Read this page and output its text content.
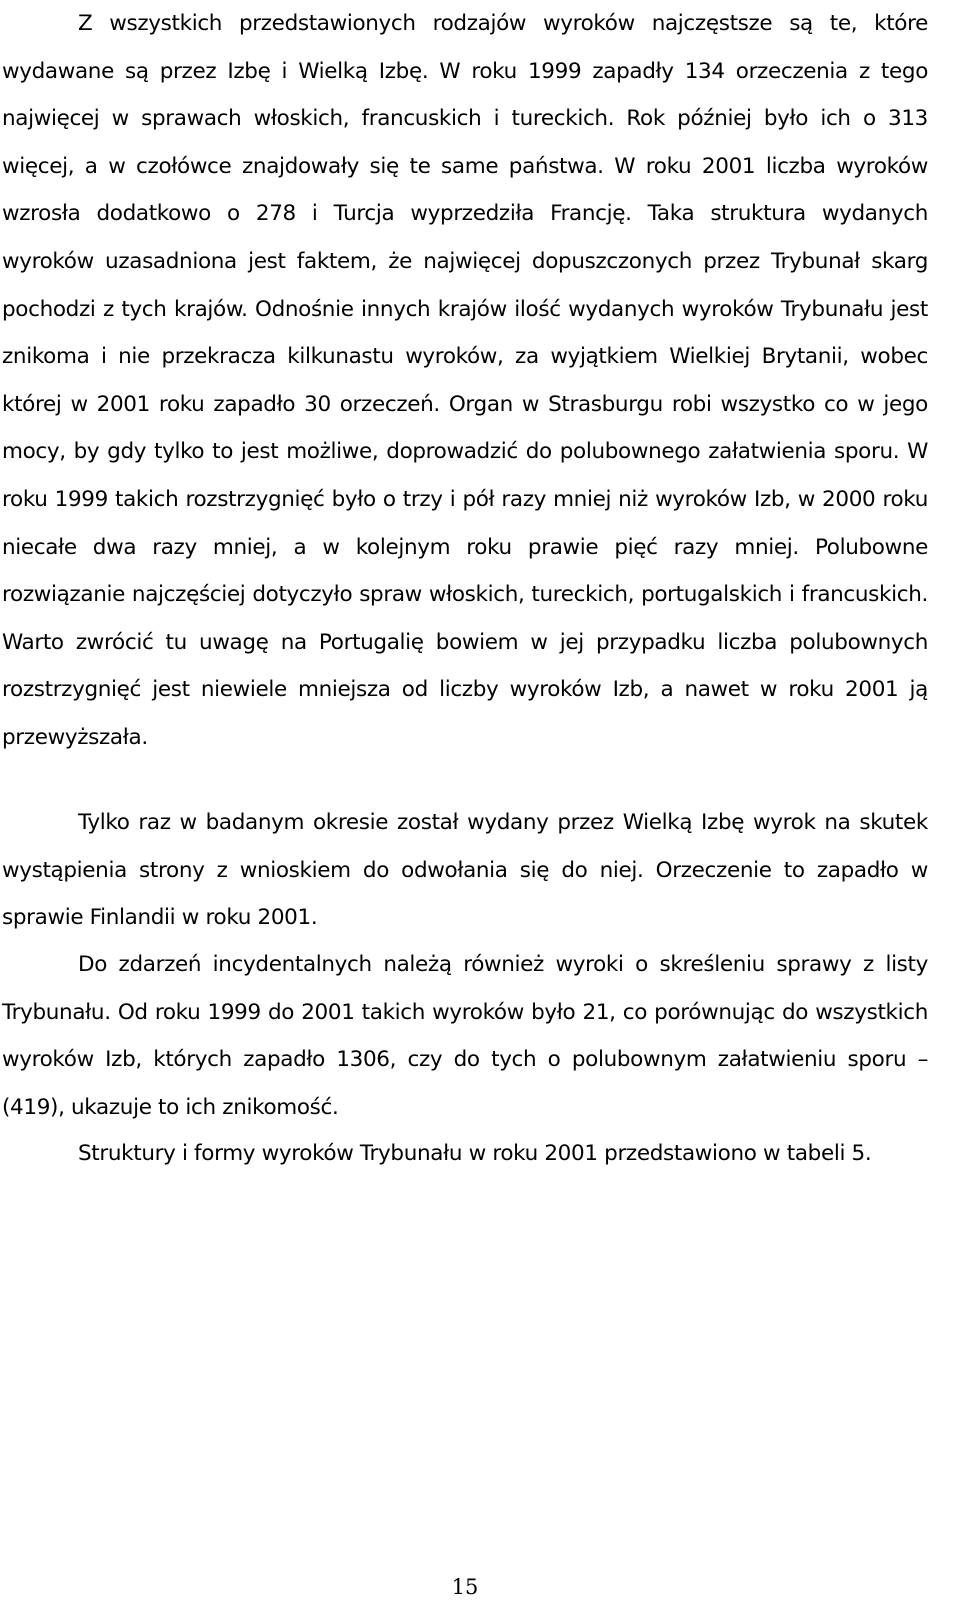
Z wszystkich przedstawionych rodzajów wyroków najczęstsze są te, które wydawane są przez Izbę i Wielką Izbę. W roku 1999 zapadły 134 orzeczenia z tego najwięcej w sprawach włoskich, francuskich i tureckich. Rok później było ich o 313 więcej, a w czołówce znajdowały się te same państwa. W roku 2001 liczba wyroków wzrosła dodatkowo o 278 i Turcja wyprzedziła Francję. Taka struktura wydanych wyroków uzasadniona jest faktem, że najwięcej dopuszczonych przez Trybunał skarg pochodzi z tych krajów. Odnośnie innych krajów ilość wydanych wyroków Trybunału jest znikoma i nie przekracza kilkunastu wyroków, za wyjątkiem Wielkiej Brytanii, wobec której w 2001 roku zapadło 30 orzeczeń. Organ w Strasburgu robi wszystko co w jego mocy, by gdy tylko to jest możliwe, doprowadzić do polubownego załatwienia sporu. W roku 1999 takich rozstrzygnięć było o trzy i pół razy mniej niż wyroków Izb, w 2000 roku niecałe dwa razy mniej, a w kolejnym roku prawie pięć razy mniej. Polubowne rozwiązanie najczęściej dotyczyło spraw włoskich, tureckich, portugalskich i francuskich. Warto zwrócić tu uwagę na Portugalię bowiem w jej przypadku liczba polubownych rozstrzygnięć jest niewiele mniejsza od liczby wyroków Izb, a nawet w roku 2001 ją przewyższała.

Tylko raz w badanym okresie został wydany przez Wielką Izbę wyrok na skutek wystąpienia strony z wnioskiem do odwołania się do niej. Orzeczenie to zapadło w sprawie Finlandii w roku 2001.

Do zdarzeń incydentalnych należą również wyroki o skreśleniu sprawy z listy Trybunału. Od roku 1999 do 2001 takich wyroków było 21, co porównując do wszystkich wyroków Izb, których zapadło 1306, czy do tych o polubownym załatwieniu sporu – (419), ukazuje to ich znikomość.

Struktury i formy wyroków Trybunału w roku 2001 przedstawiono w tabeli 5.

15
